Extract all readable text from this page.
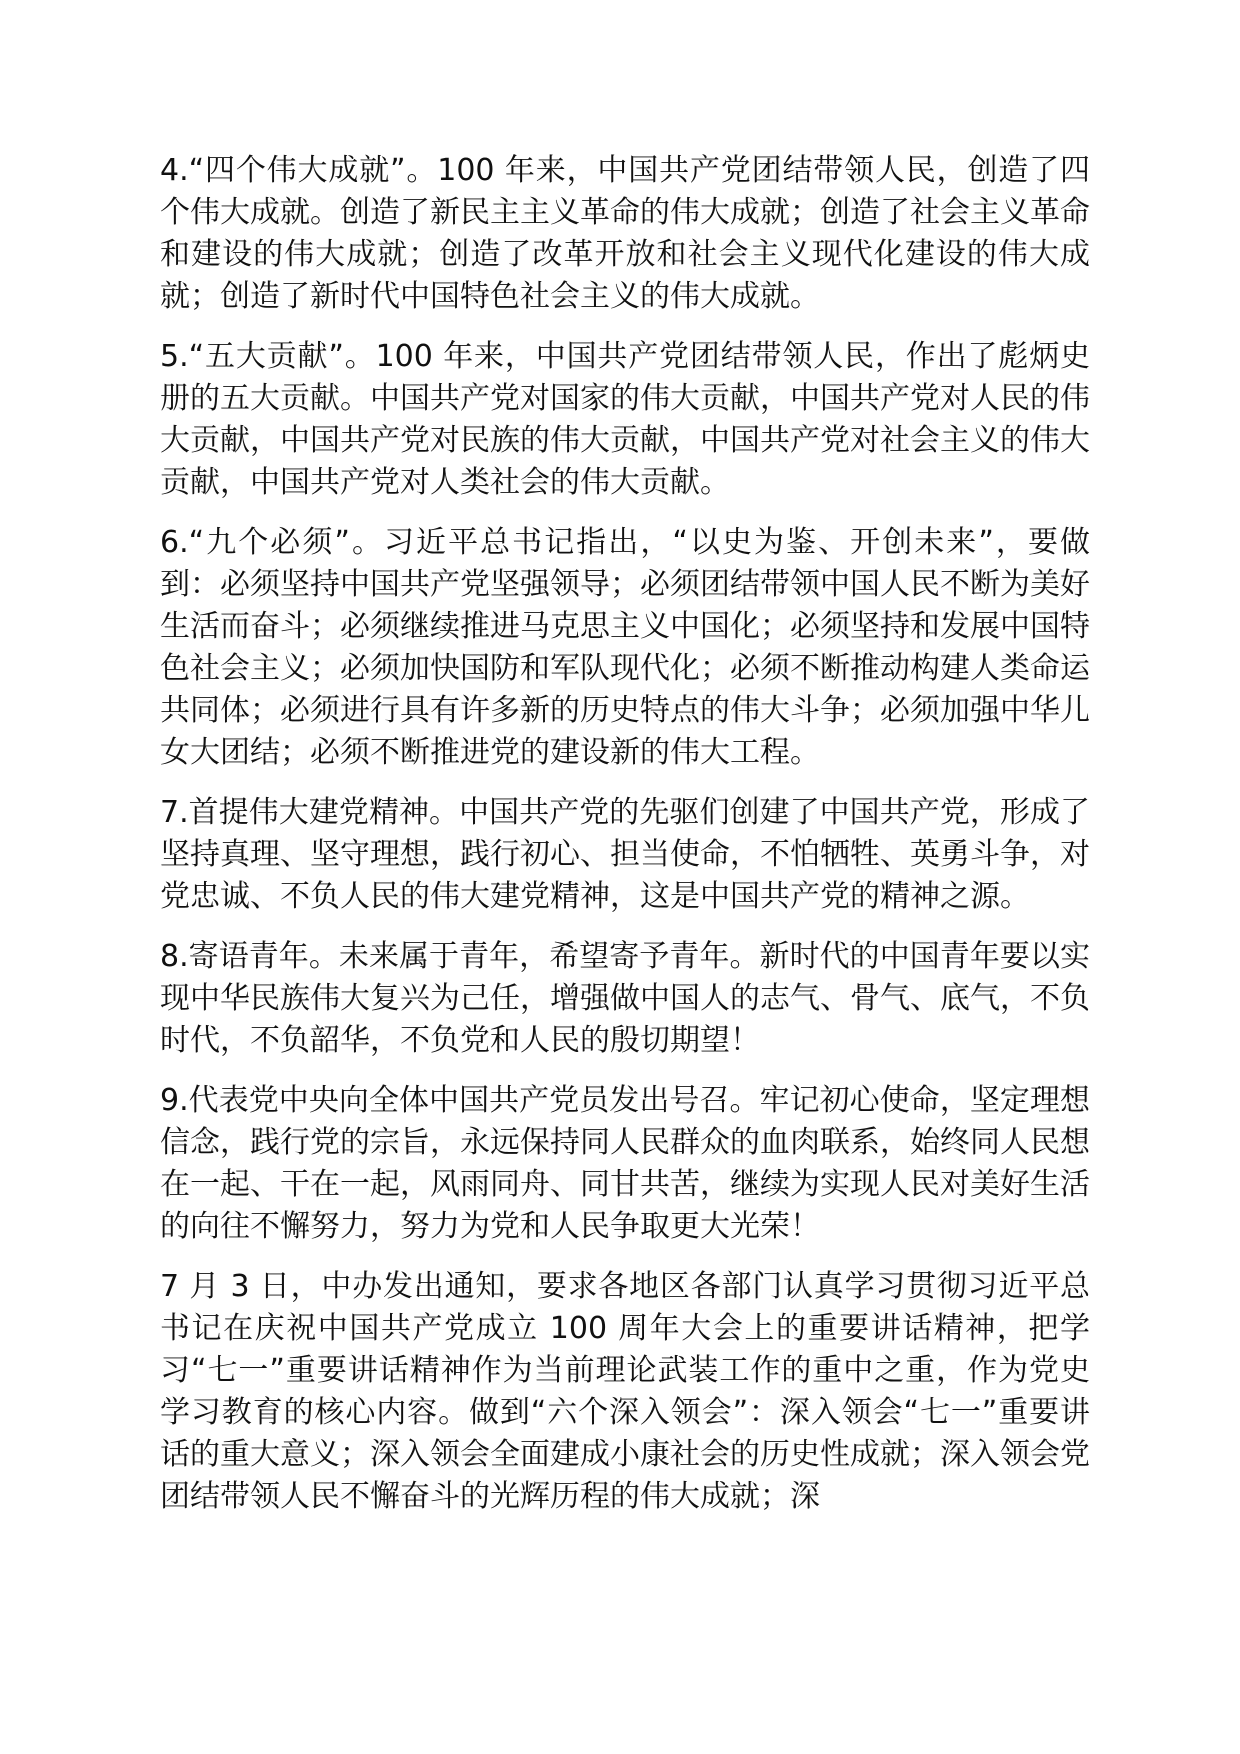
4.“四个伟大成就”。100 年来，中国共产党团结带领人民，创造了四个伟大成就。创造了新民主主义革命的伟大成就；创造了社会主义革命和建设的伟大成就；创造了改革开放和社会主义现代化建设的伟大成就；创造了新时代中国特色社会主义的伟大成就。

5.“五大贡献”。100 年来，中国共产党团结带领人民，作出了彪炳史册的五大贡献。中国共产党对国家的伟大贡献，中国共产党对人民的伟大贡献，中国共产党对民族的伟大贡献，中国共产党对社会主义的伟大贡献，中国共产党对人类社会的伟大贡献。

6.“九个必须”。习近平总书记指出，“以史为鉴、开创未来”，要做到：必须坚持中国共产党坚强领导；必须团结带领中国人民不断为美好生活而奋斗；必须继续推进马克思主义中国化；必须坚持和发展中国特色社会主义；必须加快国防和军队现代化；必须不断推动构建人类命运共同体；必须进行具有许多新的历史特点的伟大斗争；必须加强中华儿女大团结；必须不断推进党的建设新的伟大工程。

7.首提伟大建党精神。中国共产党的先驱们创建了中国共产党，形成了坚持真理、坚守理想，践行初心、担当使命，不怕牺牲、英勇斗争，对党忠诚、不负人民的伟大建党精神，这是中国共产党的精神之源。

8.寄语青年。未来属于青年，希望寄予青年。新时代的中国青年要以实现中华民族伟大复兴为己任，增强做中国人的志气、骨气、底气，不负时代，不负韶华，不负党和人民的殷切期望！

9.代表党中央向全体中国共产党员发出号召。牢记初心使命，坚定理想信念，践行党的宗旨，永远保持同人民群众的血肉联系，始终同人民想在一起、干在一起，风雨同舟、同甘共苦，继续为实现人民对美好生活的向往不懈努力，努力为党和人民争取更大光荣！

7 月 3 日，中办发出通知，要求各地区各部门认真学习贯彻习近平总书记在庆祝中国共产党成立 100 周年大会上的重要讲话精神，把学习“七一”重要讲话精神作为当前理论武装工作的重中之重，作为党史学习教育的核心内容。做到“六个深入领会”：深入领会“七一”重要讲话的重大意义；深入领会全面建成小康社会的历史性成就；深入领会党团结带领人民不懈奋斗的光辉历程的伟大成就；深
